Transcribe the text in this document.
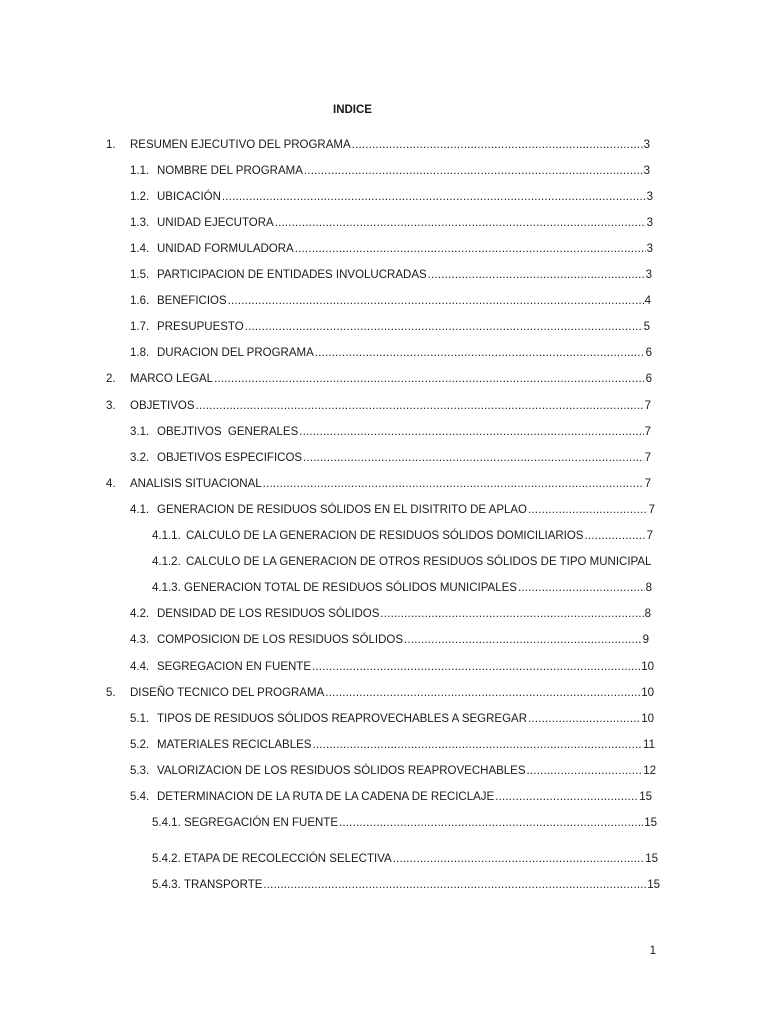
INDICE
1.	RESUMEN EJECUTIVO DEL PROGRAMA .....	3
1.1. NOMBRE DEL PROGRAMA .....	3
1.2. UBICACIÓN .....	3
1.3. UNIDAD EJECUTORA .....	3
1.4. UNIDAD FORMULADORA .....	3
1.5. PARTICIPACION DE ENTIDADES INVOLUCRADAS .....	3
1.6. BENEFICIOS .....	4
1.7. PRESUPUESTO .....	5
1.8. DURACION DEL PROGRAMA .....	6
2.	MARCO LEGAL .....	6
3.	OBJETIVOS .....	7
3.1. OBEJTIVOS  GENERALES .....	7
3.2. OBJETIVOS ESPECIFICOS .....	7
4.	ANALISIS SITUACIONAL .....	7
4.1. GENERACION DE RESIDUOS SÓLIDOS EN EL DISITRITO DE APLAO .....	7
4.1.1. CALCULO DE LA GENERACION DE RESIDUOS SÓLIDOS DOMICILIARIOS .....	7
4.1.2. CALCULO DE LA GENERACION DE OTROS RESIDUOS SÓLIDOS DE TIPO MUNICIPAL
4.1.3. GENERACION TOTAL DE RESIDUOS SÓLIDOS MUNICIPALES .....	8
4.2. DENSIDAD DE LOS RESIDUOS SÓLIDOS .....	8
4.3. COMPOSICION DE LOS RESIDUOS SÓLIDOS .....	9
4.4. SEGREGACION EN FUENTE .....	10
5.	DISEÑO TECNICO DEL PROGRAMA .....	10
5.1. TIPOS DE RESIDUOS SÓLIDOS REAPROVECHABLES A SEGREGAR .....	10
5.2. MATERIALES RECICLABLES .....	11
5.3. VALORIZACION DE LOS RESIDUOS SÓLIDOS REAPROVECHABLES .....	12
5.4. DETERMINACION DE LA RUTA DE LA CADENA DE RECICLAJE .....	15
5.4.1. SEGREGACIÓN EN FUENTE .....	15
5.4.2. ETAPA DE RECOLECCIÓN SELECTIVA .....	15
5.4.3. TRANSPORTE .....	15
1
